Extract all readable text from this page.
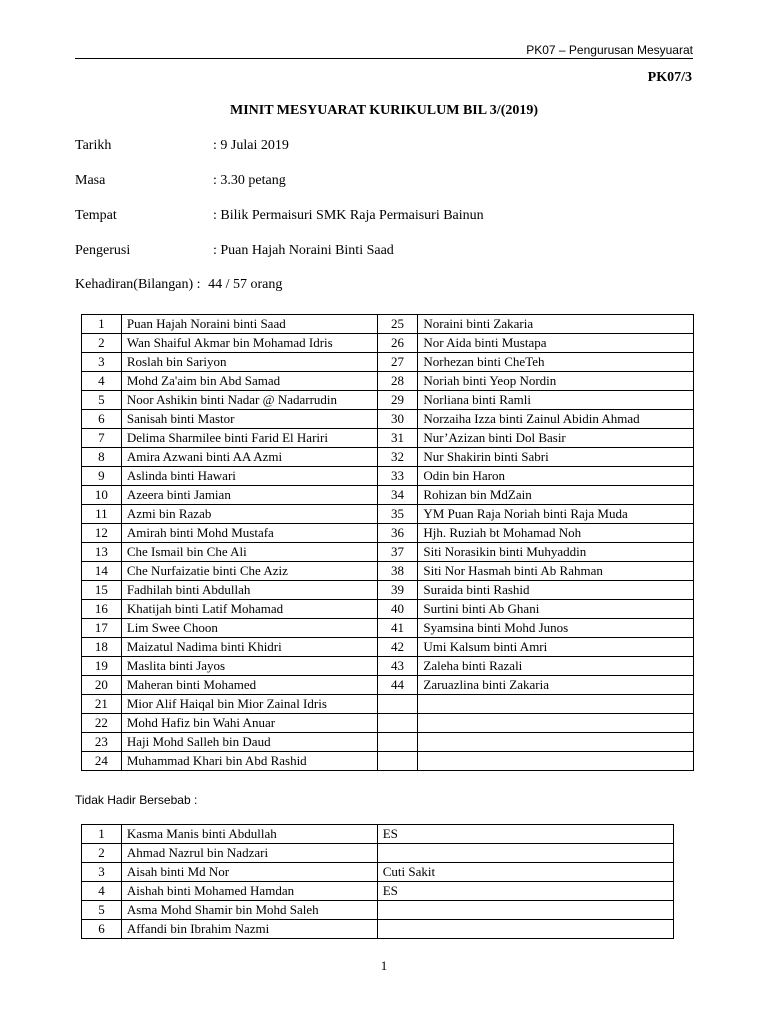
PK07 – Pengurusan Mesyuarat
PK07/3
MINIT MESYUARAT KURIKULUM BIL 3/(2019)
Tarikh	: 9 Julai 2019
Masa	: 3.30 petang
Tempat	: Bilik Permaisuri SMK Raja Permaisuri Bainun
Pengerusi	: Puan Hajah Noraini Binti Saad
Kehadiran(Bilangan) : 44 / 57 orang
1	Puan Hajah Noraini binti Saad	25	Noraini binti Zakaria
2	Wan Shaiful Akmar bin Mohamad Idris	26	Nor Aida binti Mustapa
3	Roslah bin Sariyon	27	Norhezan binti CheTeh
4	Mohd Za'aim bin Abd Samad	28	Noriah binti Yeop Nordin
5	Noor Ashikin binti Nadar @ Nadarrudin	29	Norliana binti Ramli
6	Sanisah binti Mastor	30	Norzaiha Izza binti Zainul Abidin Ahmad
7	Delima Sharmilee binti Farid El Hariri	31	Nur’Azizan binti Dol Basir
8	Amira Azwani binti AA Azmi	32	Nur Shakirin binti Sabri
9	Aslinda binti Hawari	33	Odin bin Haron
10	Azeera binti Jamian	34	Rohizan bin MdZain
11	Azmi bin Razab	35	YM Puan Raja Noriah binti Raja Muda
12	Amirah binti Mohd Mustafa	36	Hjh. Ruziah bt Mohamad Noh
13	Che Ismail bin Che Ali	37	Siti Norasikin binti Muhyaddin
14	Che Nurfaizatie binti Che Aziz	38	Siti Nor Hasmah binti Ab Rahman
15	Fadhilah binti Abdullah	39	Suraida binti Rashid
16	Khatijah binti Latif Mohamad	40	Surtini binti Ab Ghani
17	Lim Swee Choon	41	Syamsina binti Mohd Junos
18	Maizatul Nadima binti Khidri	42	Umi Kalsum binti Amri
19	Maslita binti Jayos	43	Zaleha binti Razali
20	Maheran binti Mohamed	44	Zaruazlina binti Zakaria
21	Mior Alif Haiqal bin Mior Zainal Idris		
22	Mohd Hafiz bin Wahi Anuar		
23	Haji Mohd Salleh bin Daud		
24	Muhammad Khari bin Abd Rashid		
Tidak Hadir Bersebab :
1	Kasma Manis binti Abdullah	ES
2	Ahmad Nazrul bin Nadzari	
3	Aisah binti Md Nor	Cuti Sakit
4	Aishah binti Mohamed Hamdan	ES
5	Asma Mohd Shamir bin Mohd Saleh	
6	Affandi bin Ibrahim Nazmi	
1
